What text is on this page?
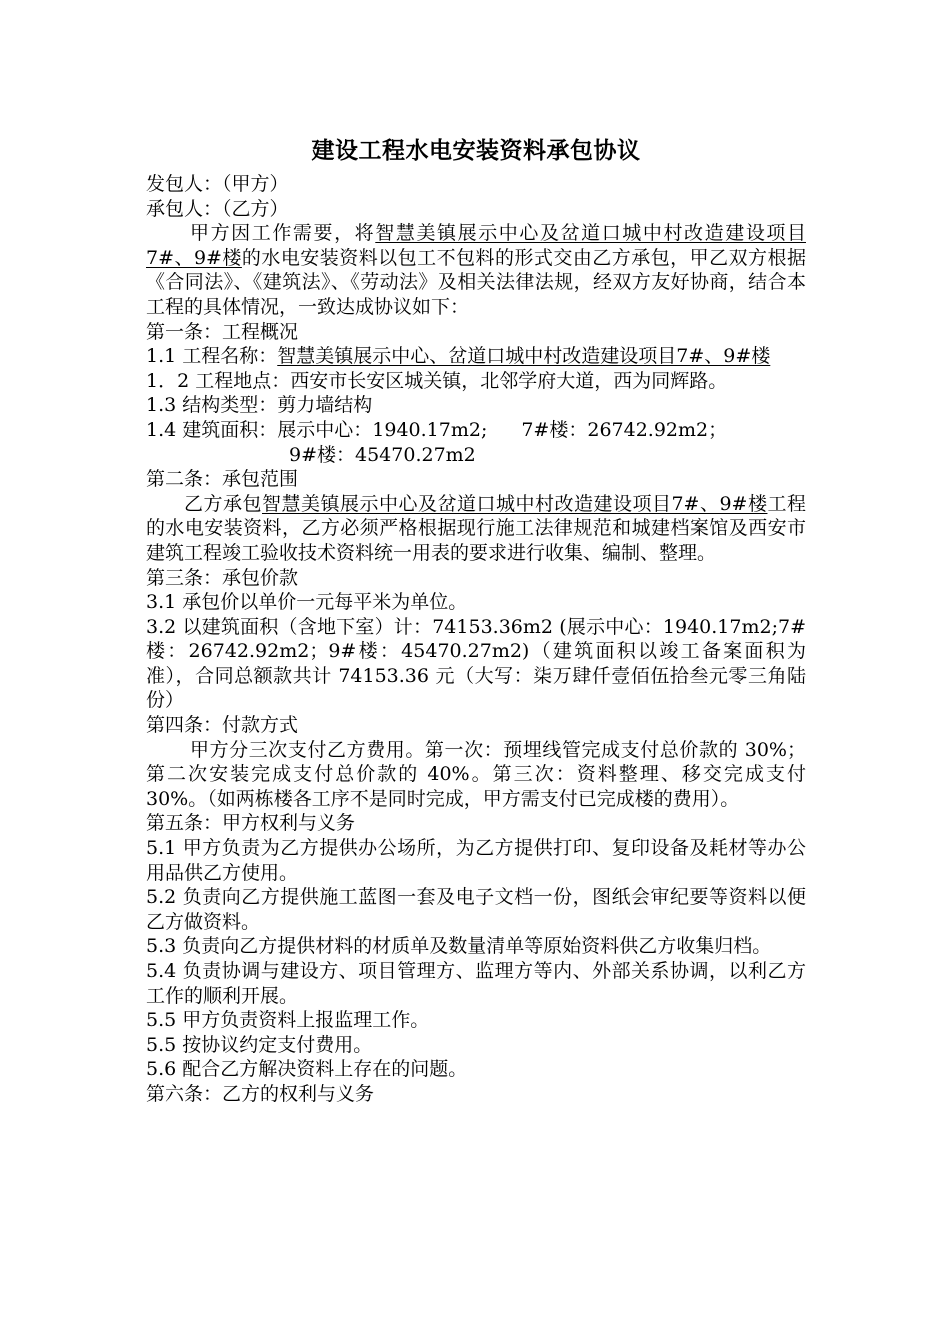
建设工程水电安装资料承包协议

发包人：（甲方）

承包人：（乙方）

甲方因工作需要，将智慧美镇展示中心及岔道口城中村改造建设项目7#、9#楼的水电安装资料以包工不包料的形式交由乙方承包，甲乙双方根据《合同法》、《建筑法》、《劳动法》及相关法律法规，经双方友好协商，结合本工程的具体情况，一致达成协议如下：

第一条：工程概况

1.1 工程名称：智慧美镇展示中心、岔道口城中村改造建设项目7#、9#楼

1．2 工程地点：西安市长安区城关镇，北邻学府大道，西为同辉路。

1.3 结构类型：剪力墙结构

1.4 建筑面积：展示中心：1940.17m2; 7#楼：26742.92m2；

9#楼：45470.27m2

第二条：承包范围

乙方承包智慧美镇展示中心及岔道口城中村改造建设项目7#、9#楼工程的水电安装资料，乙方必须严格根据现行施工法律规范和城建档案馆及西安市建筑工程竣工验收技术资料统一用表的要求进行收集、编制、整理。

第三条：承包价款

3.1 承包价以单价一元每平米为单位。

3.2 以建筑面积（含地下室）计：74153.36m2 (展示中心：1940.17m2;7#楼：26742.92m2；9#楼：45470.27m2)（建筑面积以竣工备案面积为准），合同总额款共计 74153.36 元（大写：柒万肆仟壹佰伍拾叁元零三角陆份）

第四条：付款方式

甲方分三次支付乙方费用。第一次：预埋线管完成支付总价款的 30%；第二次安装完成支付总价款的 40%。第三次：资料整理、移交完成支付 30%。（如两栋楼各工序不是同时完成，甲方需支付已完成楼的费用）。

第五条：甲方权利与义务

5.1 甲方负责为乙方提供办公场所，为乙方提供打印、复印设备及耗材等办公用品供乙方使用。

5.2 负责向乙方提供施工蓝图一套及电子文档一份，图纸会审纪要等资料以便乙方做资料。

5.3 负责向乙方提供材料的材质单及数量清单等原始资料供乙方收集归档。

5.4 负责协调与建设方、项目管理方、监理方等内、外部关系协调，以利乙方工作的顺利开展。

5.5 甲方负责资料上报监理工作。

5.5 按协议约定支付费用。

5.6 配合乙方解决资料上存在的问题。

第六条：乙方的权利与义务
